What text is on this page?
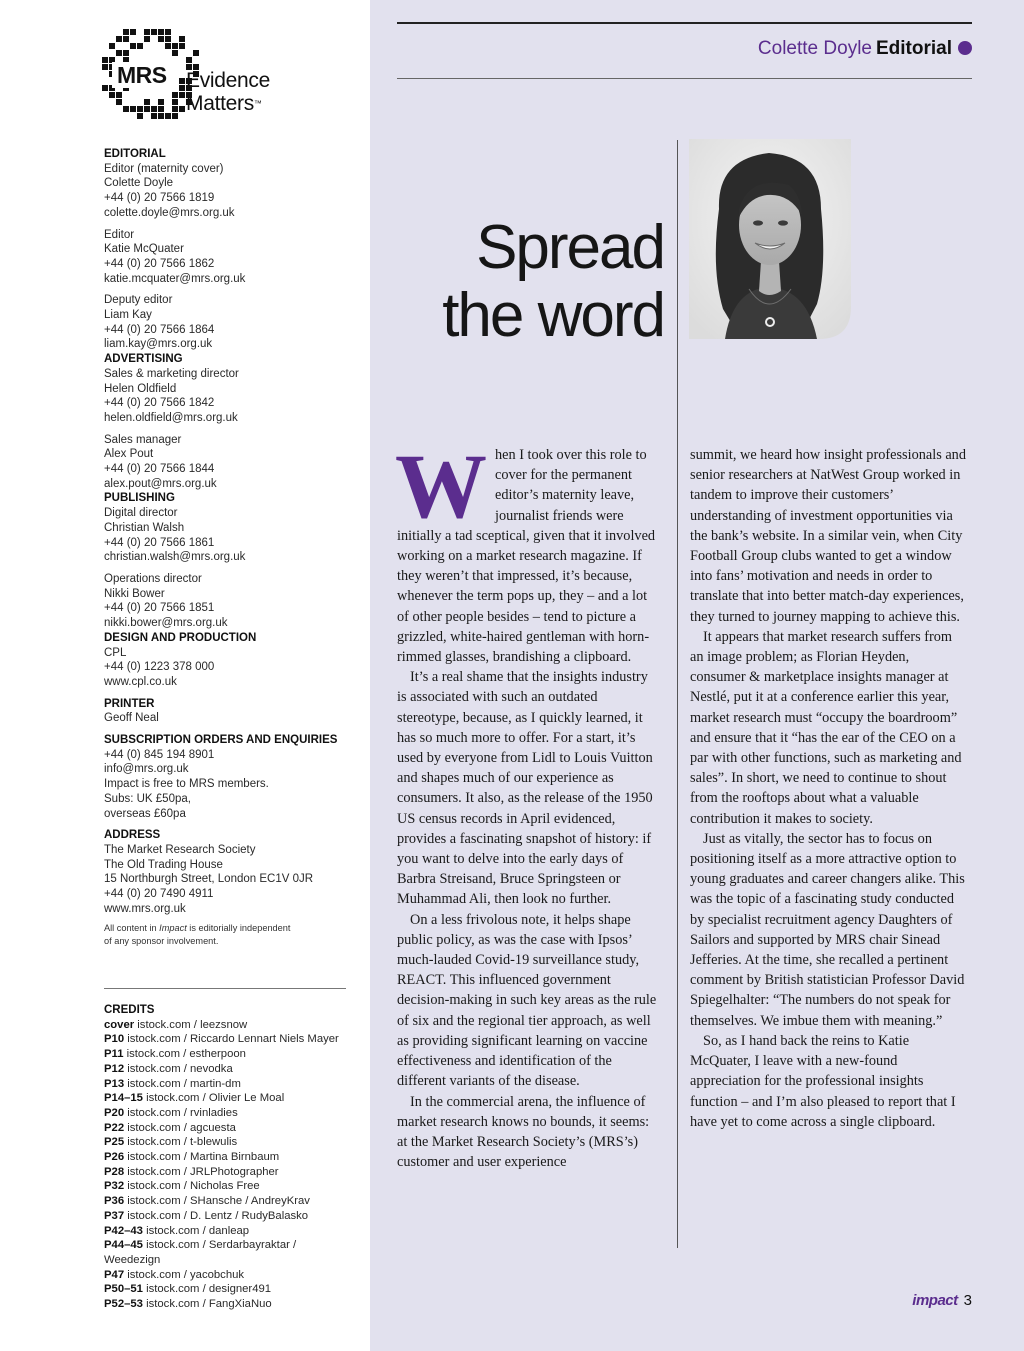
MRS Evidence
Matters™
EDITORIAL
Editor (maternity cover)
Colette Doyle
+44 (0) 20 7566 1819
colette.doyle@mrs.org.uk
Editor
Katie McQuater
+44 (0) 20 7566 1862
katie.mcquater@mrs.org.uk
Deputy editor
Liam Kay
+44 (0) 20 7566 1864
liam.kay@mrs.org.uk
ADVERTISING
Sales & marketing director
Helen Oldfield
+44 (0) 20 7566 1842
helen.oldfield@mrs.org.uk
Sales manager
Alex Pout
+44 (0) 20 7566 1844
alex.pout@mrs.org.uk
PUBLISHING
Digital director
Christian Walsh
+44 (0) 20 7566 1861
christian.walsh@mrs.org.uk
Operations director
Nikki Bower
+44 (0) 20 7566 1851
nikki.bower@mrs.org.uk
DESIGN AND PRODUCTION
CPL
+44 (0) 1223 378 000
www.cpl.co.uk
PRINTER
Geoff Neal
SUBSCRIPTION ORDERS AND ENQUIRIES
+44 (0) 845 194 8901
info@mrs.org.uk
Impact is free to MRS members.
Subs: UK £50pa,
overseas £60pa
ADDRESS
The Market Research Society
The Old Trading House
15 Northburgh Street, London EC1V 0JR
+44 (0) 20 7490 4911
www.mrs.org.uk
All content in Impact is editorially independent
of any sponsor involvement.
CREDITS
cover istock.com / leezsnow
P10 istock.com / Riccardo Lennart Niels Mayer
P11 istock.com / estherpoon
P12 istock.com / nevodka
P13 istock.com / martin-dm
P14–15 istock.com / Olivier Le Moal
P20 istock.com / rvinladies
P22 istock.com / agcuesta
P25 istock.com / t-blewulis
P26 istock.com / Martina Birnbaum
P28 istock.com / JRLPhotographer
P32 istock.com / Nicholas Free
P36 istock.com / SHansche / AndreyKrav
P37 istock.com / D. Lentz / RudyBalasko
P42–43 istock.com / danleap
P44–45 istock.com / Serdarbayraktar / Weedezign
P47 istock.com / yacobchuk
P50–51 istock.com / designer491
P52–53 istock.com / FangXiaNuo
Colette Doyle Editorial
Spread
the word

When I took over this role to cover for the permanent editor’s maternity leave, journalist friends were initially a tad sceptical, given that it involved working on a market research magazine. If they weren’t that impressed, it’s because, whenever the term pops up, they – and a lot of other people besides – tend to picture a grizzled, white-haired gentleman with horn-rimmed glasses, brandishing a clipboard.

It’s a real shame that the insights industry is associated with such an outdated stereotype, because, as I quickly learned, it has so much more to offer. For a start, it’s used by everyone from Lidl to Louis Vuitton and shapes much of our experience as consumers. It also, as the release of the 1950 US census records in April evidenced, provides a fascinating snapshot of history: if you want to delve into the early days of Barbra Streisand, Bruce Springsteen or Muhammad Ali, then look no further.

On a less frivolous note, it helps shape public policy, as was the case with Ipsos’ much-lauded Covid-19 surveillance study, REACT. This influenced government decision-making in such key areas as the rule of six and the regional tier approach, as well as providing significant learning on vaccine effectiveness and identification of the different variants of the disease.

In the commercial arena, the influence of market research knows no bounds, it seems: at the Market Research Society’s (MRS’s) customer and user experience

summit, we heard how insight professionals and senior researchers at NatWest Group worked in tandem to improve their customers’ understanding of investment opportunities via the bank’s website. In a similar vein, when City Football Group clubs wanted to get a window into fans’ motivation and needs in order to translate that into better match-day experiences, they turned to journey mapping to achieve this.

It appears that market research suffers from an image problem; as Florian Heyden, consumer & marketplace insights manager at Nestlé, put it at a conference earlier this year, market research must “occupy the boardroom” and ensure that it “has the ear of the CEO on a par with other functions, such as marketing and sales”. In short, we need to continue to shout from the rooftops about what a valuable contribution it makes to society.

Just as vitally, the sector has to focus on positioning itself as a more attractive option to young graduates and career changers alike. This was the topic of a fascinating study conducted by specialist recruitment agency Daughters of Sailors and supported by MRS chair Sinead Jefferies. At the time, she recalled a pertinent comment by British statistician Professor David Spiegelhalter: “The numbers do not speak for themselves. We imbue them with meaning.”

So, as I hand back the reins to Katie McQuater, I leave with a new-found appreciation for the professional insights function – and I’m also pleased to report that I have yet to come across a single clipboard.

impact 3
